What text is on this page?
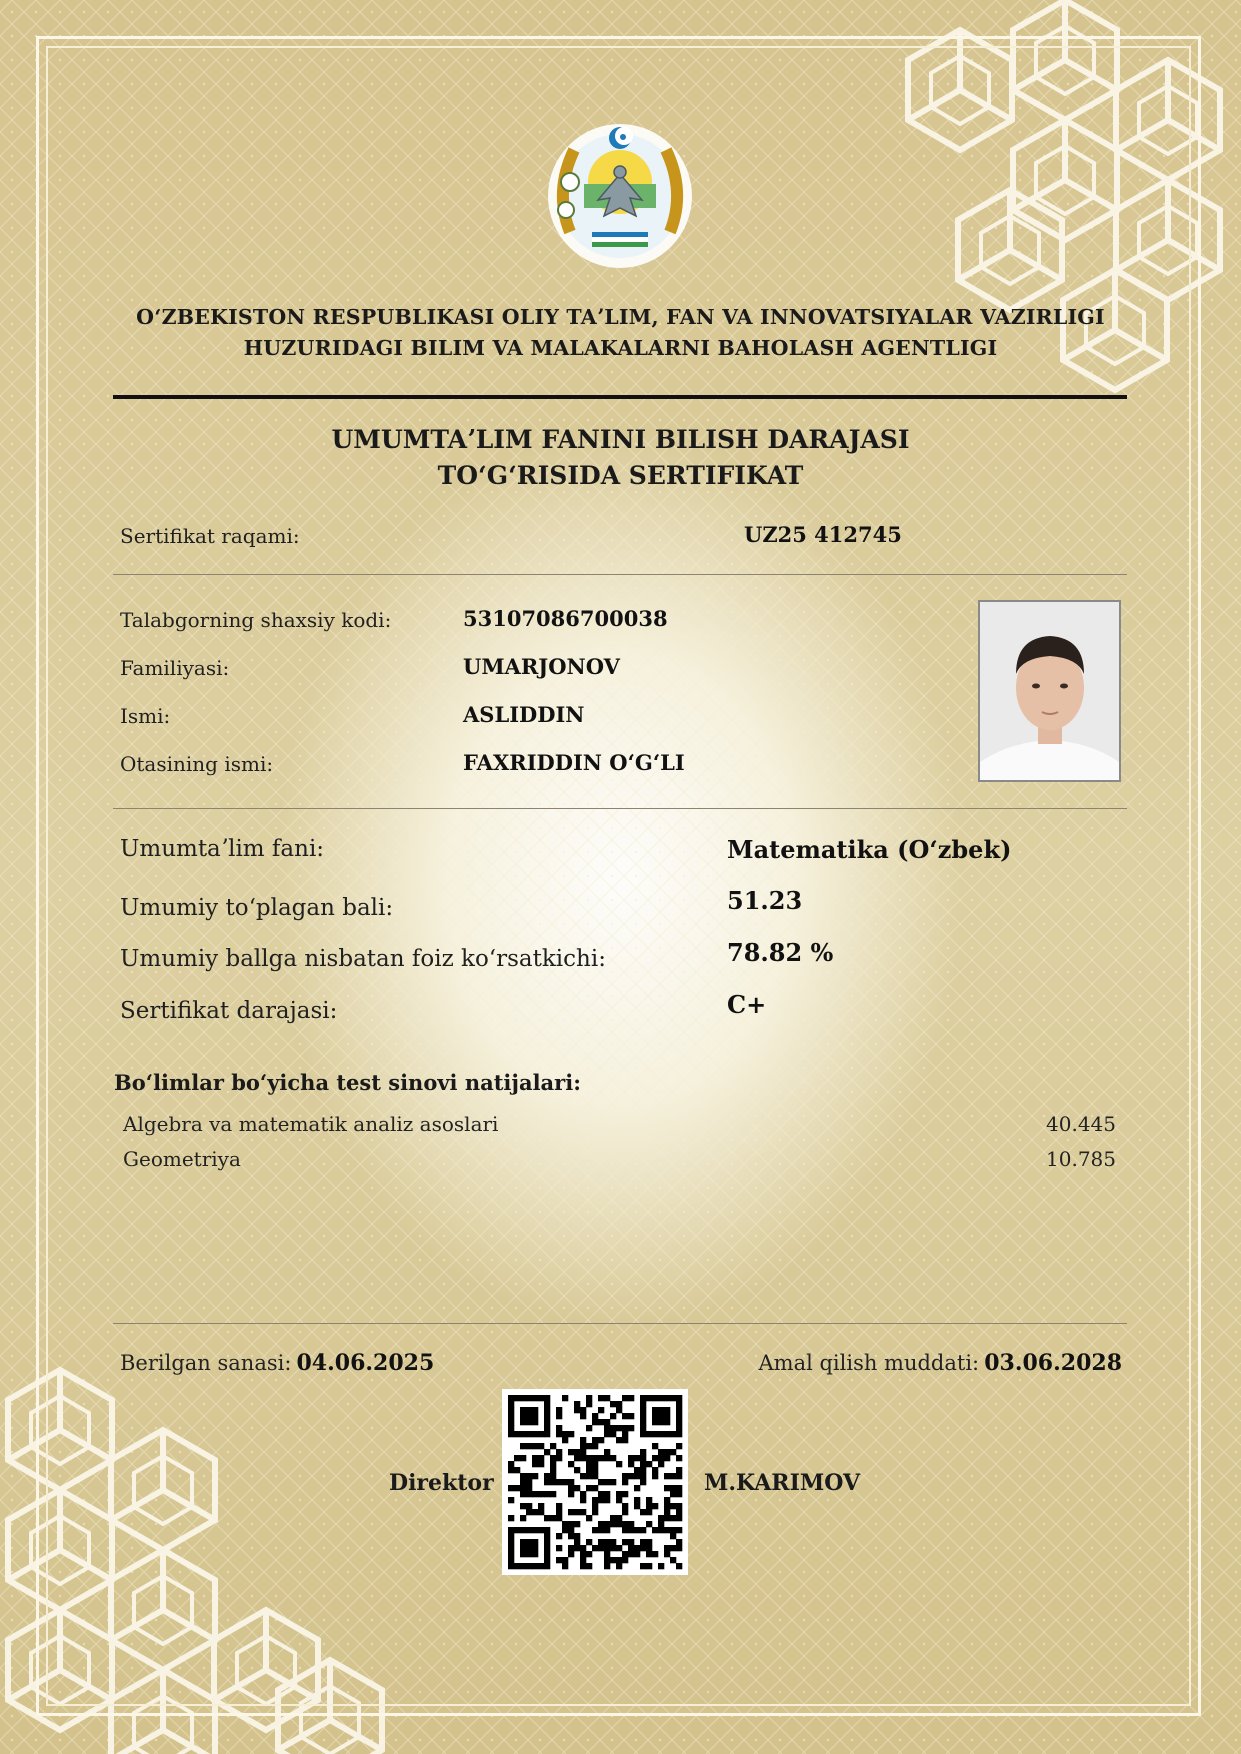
OʻZBEKISTON RESPUBLIKASI OLIY TAʼLIM, FAN VA INNOVATSIYALAR VAZIRLIGI
HUZURIDAGI BILIM VA MALAKALARNI BAHOLASH AGENTLIGI
UMUMTAʼLIM FANINI BILISH DARAJASI
TOʻGʻRISIDA SERTIFIKAT
Sertifikat raqami:	UZ25 412745
Talabgorning shaxsiy kodi:	53107086700038
Familiyasi:	UMARJONOV
Ismi:	ASLIDDIN
Otasining ismi:	FAXRIDDIN OʻGʻLI
Umumtaʼlim fani:	Matematika (Oʻzbek)
Umumiy toʻplagan bali:	51.23
Umumiy ballga nisbatan foiz koʻrsatkichi:	78.82 %
Sertifikat darajasi:	C+
Boʻlimlar boʻyicha test sinovi natijalari:
Algebra va matematik analiz asoslari	40.445
Geometriya	10.785
Berilgan sanasi: 04.06.2025	Amal qilish muddati: 03.06.2028
Direktor	M.KARIMOV
